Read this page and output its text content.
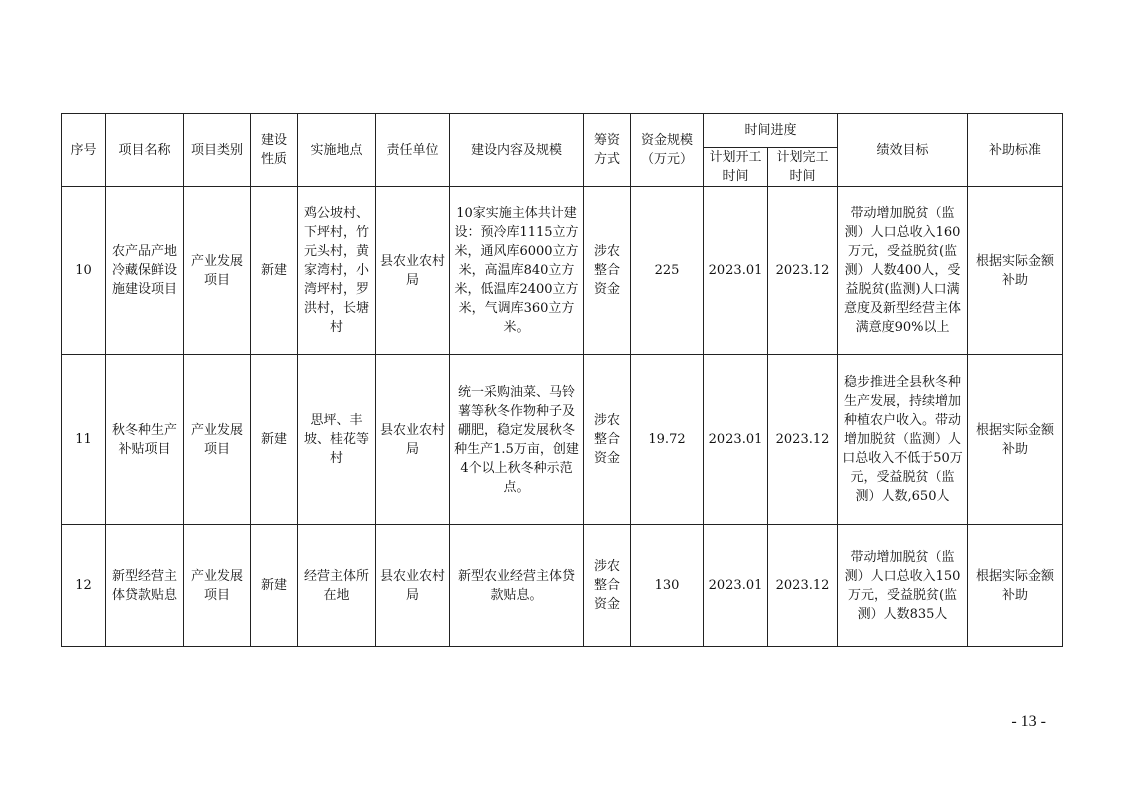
序号	项目名称	项目类别	建设性质	实施地点	责任单位	建设内容及规模	筹资方式	资金规模（万元）	时间进度		绩效目标	补助标准
									计划开工时间	计划完工时间		
10	农产品产地冷藏保鲜设施建设项目	产业发展项目	新建	鸡公坡村、下坪村，竹元头村，黄家湾村，小湾坪村，罗洪村，长塘村	县农业农村局	10家实施主体共计建设：预冷库1115立方米，通风库6000立方米，高温库840立方米，低温库2400立方米，气调库360立方米。	涉农整合资金	225	2023.01	2023.12	带动增加脱贫（监测）人口总收入160万元，受益脱贫(监测）人数400人，受益脱贫(监测)人口满意度及新型经营主体满意度90%以上	根据实际金额补助
11	秋冬种生产补贴项目	产业发展项目	新建	思坪、丰坡、桂花等村	县农业农村局	统一采购油菜、马铃薯等秋冬作物种子及硼肥，稳定发展秋冬种生产1.5万亩，创建4个以上秋冬种示范点。	涉农整合资金	19.72	2023.01	2023.12	稳步推进全县秋冬种生产发展，持续增加种植农户收入。带动增加脱贫（监测）人口总收入不低于50万元，受益脱贫（监测）人数,650人	根据实际金额补助
12	新型经营主体贷款贴息	产业发展项目	新建	经营主体所在地	县农业农村局	新型农业经营主体贷款贴息。	涉农整合资金	130	2023.01	2023.12	带动增加脱贫（监测）人口总收入150万元，受益脱贫(监测）人数835人	根据实际金额补助
- 13 -
